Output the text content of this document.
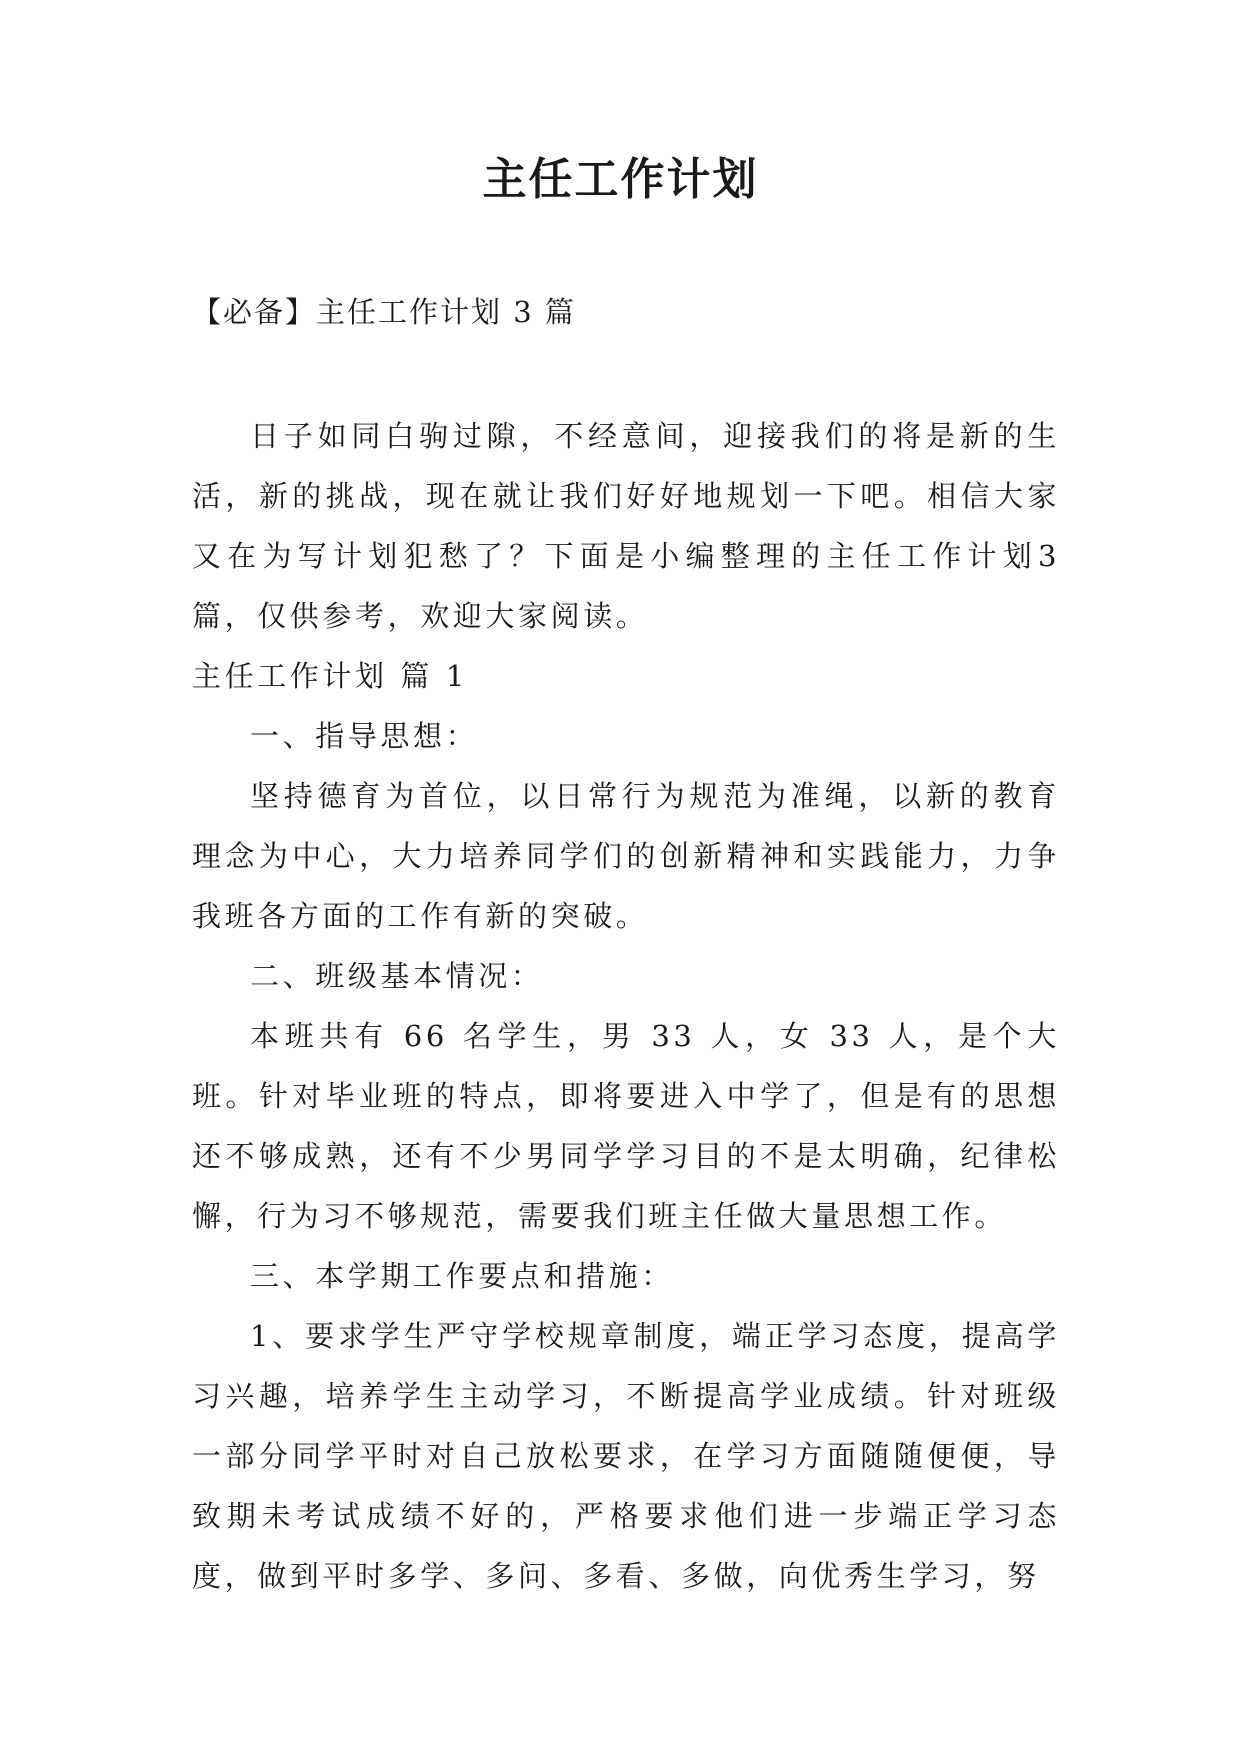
主任工作计划
【必备】主任工作计划 3 篇

日子如同白驹过隙，不经意间，迎接我们的将是新的生活，新的挑战，现在就让我们好好地规划一下吧。相信大家又在为写计划犯愁了？下面是小编整理的主任工作计划3篇，仅供参考，欢迎大家阅读。

主任工作计划 篇 1

一、指导思想：

坚持德育为首位，以日常行为规范为准绳，以新的教育理念为中心，大力培养同学们的创新精神和实践能力，力争我班各方面的工作有新的突破。

二、班级基本情况：

本班共有 66 名学生，男 33 人，女 33 人，是个大班。针对毕业班的特点，即将要进入中学了，但是有的思想还不够成熟，还有不少男同学学习目的不是太明确，纪律松懈，行为习不够规范，需要我们班主任做大量思想工作。

三、本学期工作要点和措施：

1、要求学生严守学校规章制度，端正学习态度，提高学习兴趣，培养学生主动学习，不断提高学业成绩。针对班级一部分同学平时对自己放松要求，在学习方面随随便便，导致期未考试成绩不好的，严格要求他们进一步端正学习态度，做到平时多学、多问、多看、多做，向优秀生学习，努
